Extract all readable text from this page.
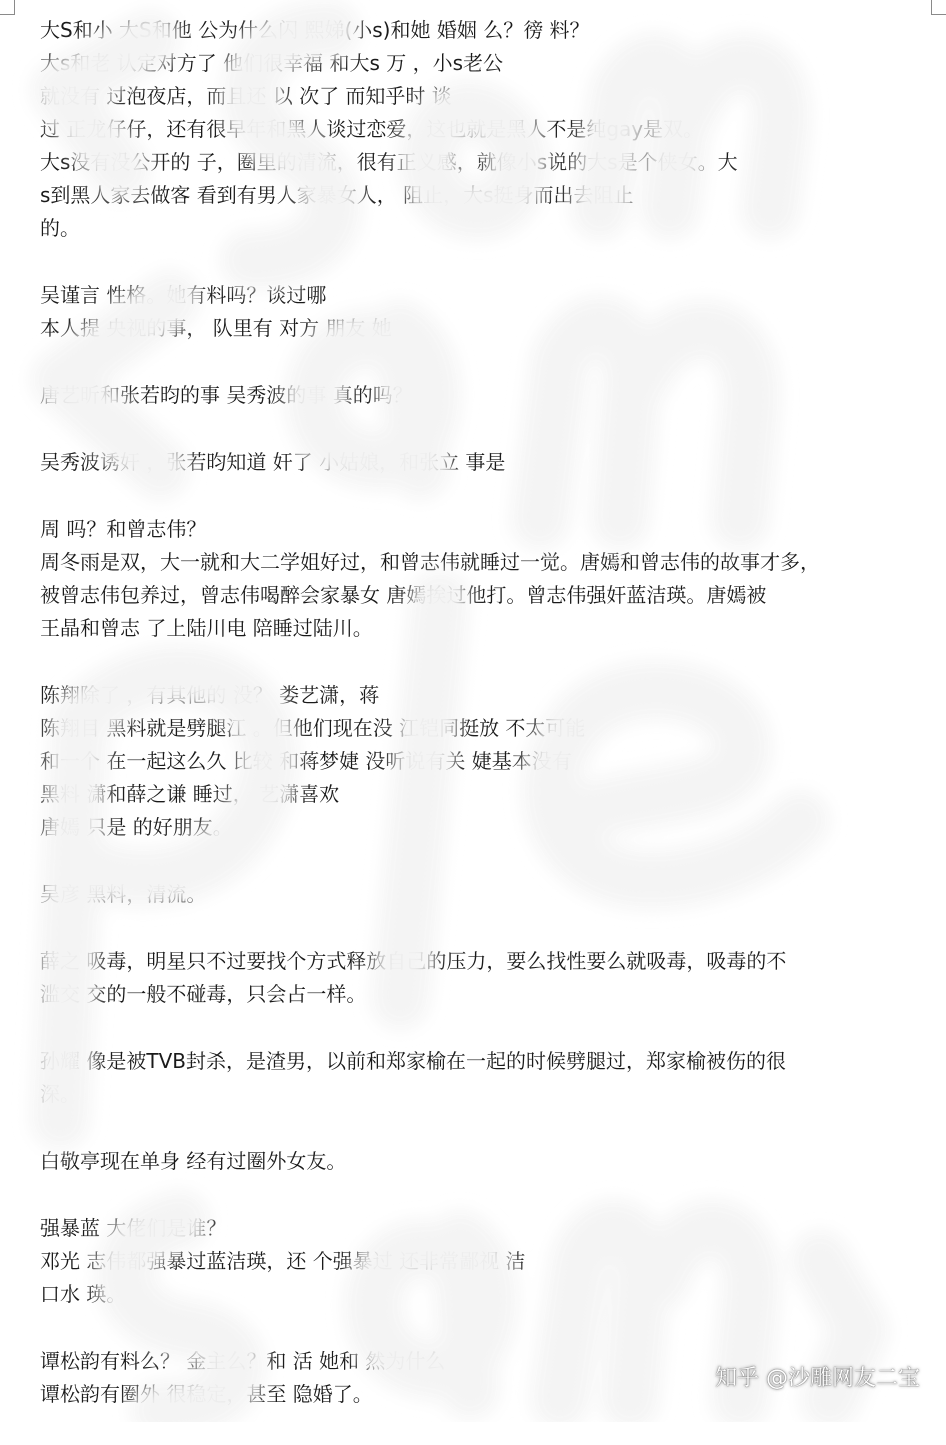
大S和小 大S和他 公为什么闪 熙娣(小s)和她 婚姻 么？徬 料？

大s和老 认定对方了 他们很幸福 和大s 万 ，小s老公

就没有 过泡夜店，而且还 以 次了 而知乎时 谈

过 正龙仔仔，还有很早年和黑人谈过恋爱，这也就是黑人不是纯gay是双。

大s没有没公开的 子，圈里的清流，很有正义感，就像小s说的大s是个侠女。大

s到黑人家去做客 看到有男人家暴女人， 阻止，大s挺身而出去阻止

的。

吴谨言 性格。她有料吗？谈过哪

本人提 央视的事， 队里有 对方 朋友 她

唐艺昕和张若昀的事 吴秀波的事 真的吗？

吴秀波诱奸 ，张若昀知道 奸了 小姑娘，和张立 事是

周 吗？和曾志伟？

周冬雨是双，大一就和大二学姐好过，和曾志伟就睡过一觉。唐嫣和曾志伟的故事才多，

被曾志伟包养过，曾志伟喝醉会家暴女 唐嫣挨过他打。曾志伟强奸蓝洁瑛。唐嫣被

王晶和曾志 了上陆川电 陪睡过陆川。

陈翔除了 ，有其他的 没？ 娄艺潇，蒋

陈翔目 黑料就是劈腿江 。但他们现在没 江铠同挺放 不太可能

和一个 在一起这么久 比较 和蒋梦婕 没听说有关 婕基本没有

黑料 潇和薛之谦 睡过， 艺潇喜欢

唐嫣 只是 的好朋友。

吴彦 黑料，清流。

薛之 吸毒，明星只不过要找个方式释放自己的压力，要么找性要么就吸毒，吸毒的不

滥交 交的一般不碰毒，只会占一样。

孙耀 像是被TVB封杀，是渣男，以前和郑家榆在一起的时候劈腿过，郑家榆被伤的很

深。

白敬亭现在单身 经有过圈外女友。

强暴蓝 大佬们是谁？

邓光 志伟都强暴过蓝洁瑛，还 个强暴过 还非常鄙视 洁

口水 瑛。

谭松韵有料么？ 金主么？和 活 她和 然为什么

谭松韵有圈外 很稳定，甚至 隐婚了。

知乎 @沙雕网友二宝
